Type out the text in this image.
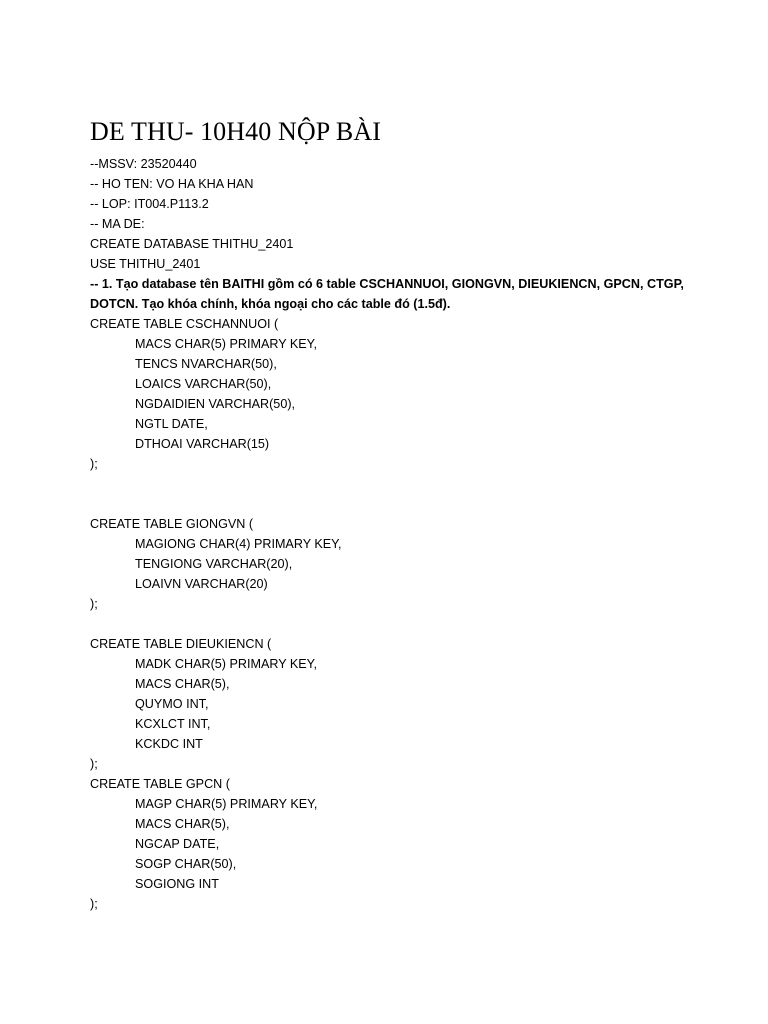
DE THU- 10H40 NỘP BÀI
--MSSV: 23520440
-- HO TEN: VO HA KHA HAN
-- LOP: IT004.P113.2
-- MA DE:
CREATE DATABASE THITHU_2401
USE THITHU_2401
-- 1. Tạo database tên BAITHI gồm có 6 table CSCHANNUOI, GIONGVN, DIEUKIENCN, GPCN, CTGP,
DOTCN. Tạo khóa chính, khóa ngoại cho các table đó (1.5đ).
CREATE TABLE CSCHANNUOI (
MACS CHAR(5) PRIMARY KEY,
TENCS NVARCHAR(50),
LOAICS VARCHAR(50),
NGDAIDIEN VARCHAR(50),
NGTL DATE,
DTHOAI VARCHAR(15)
);
CREATE TABLE GIONGVN (
MAGIONG CHAR(4) PRIMARY KEY,
TENGIONG VARCHAR(20),
LOAIVN VARCHAR(20)
);
CREATE TABLE DIEUKIENCN (
MADK CHAR(5) PRIMARY KEY,
MACS CHAR(5),
QUYMO INT,
KCXLCT INT,
KCKDC INT
);
CREATE TABLE GPCN (
MAGP CHAR(5) PRIMARY KEY,
MACS CHAR(5),
NGCAP DATE,
SOGP CHAR(50),
SOGIONG INT
);
